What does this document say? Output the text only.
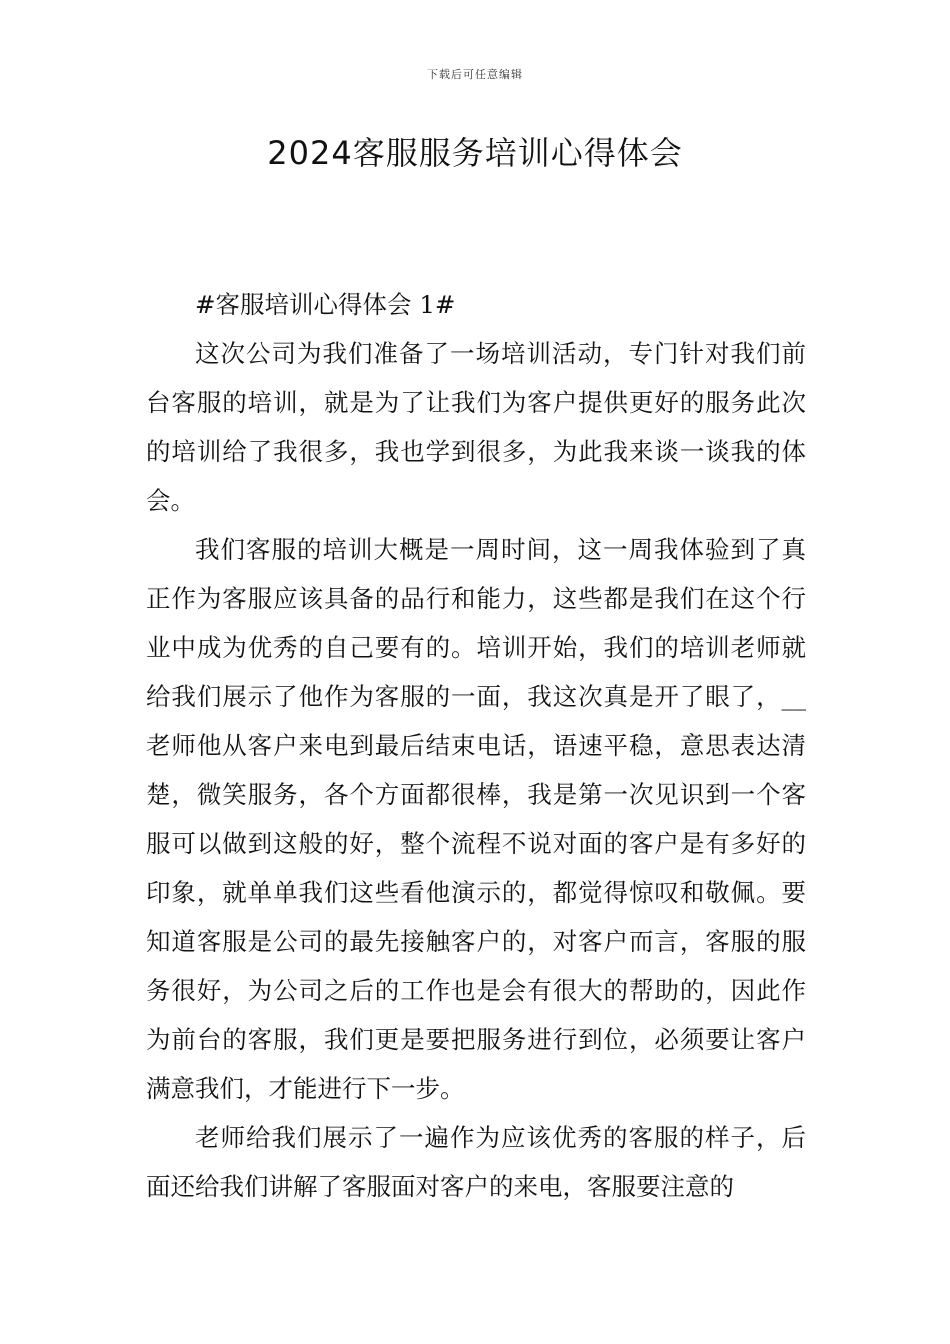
下载后可任意编辑
2024客服服务培训心得体会
#客服培训心得体会 1#

这次公司为我们准备了一场培训活动，专门针对我们前台客服的培训，就是为了让我们为客户提供更好的服务此次的培训给了我很多，我也学到很多，为此我来谈一谈我的体会。

我们客服的培训大概是一周时间，这一周我体验到了真正作为客服应该具备的品行和能力，这些都是我们在这个行业中成为优秀的自己要有的。培训开始，我们的培训老师就给我们展示了他作为客服的一面，我这次真是开了眼了，__老师他从客户来电到最后结束电话，语速平稳，意思表达清楚，微笑服务，各个方面都很棒，我是第一次见识到一个客服可以做到这般的好，整个流程不说对面的客户是有多好的印象，就单单我们这些看他演示的，都觉得惊叹和敬佩。要知道客服是公司的最先接触客户的，对客户而言，客服的服务很好，为公司之后的工作也是会有很大的帮助的，因此作为前台的客服，我们更是要把服务进行到位，必须要让客户满意我们，才能进行下一步。

老师给我们展示了一遍作为应该优秀的客服的样子，后面还给我们讲解了客服面对客户的来电，客服要注意的
